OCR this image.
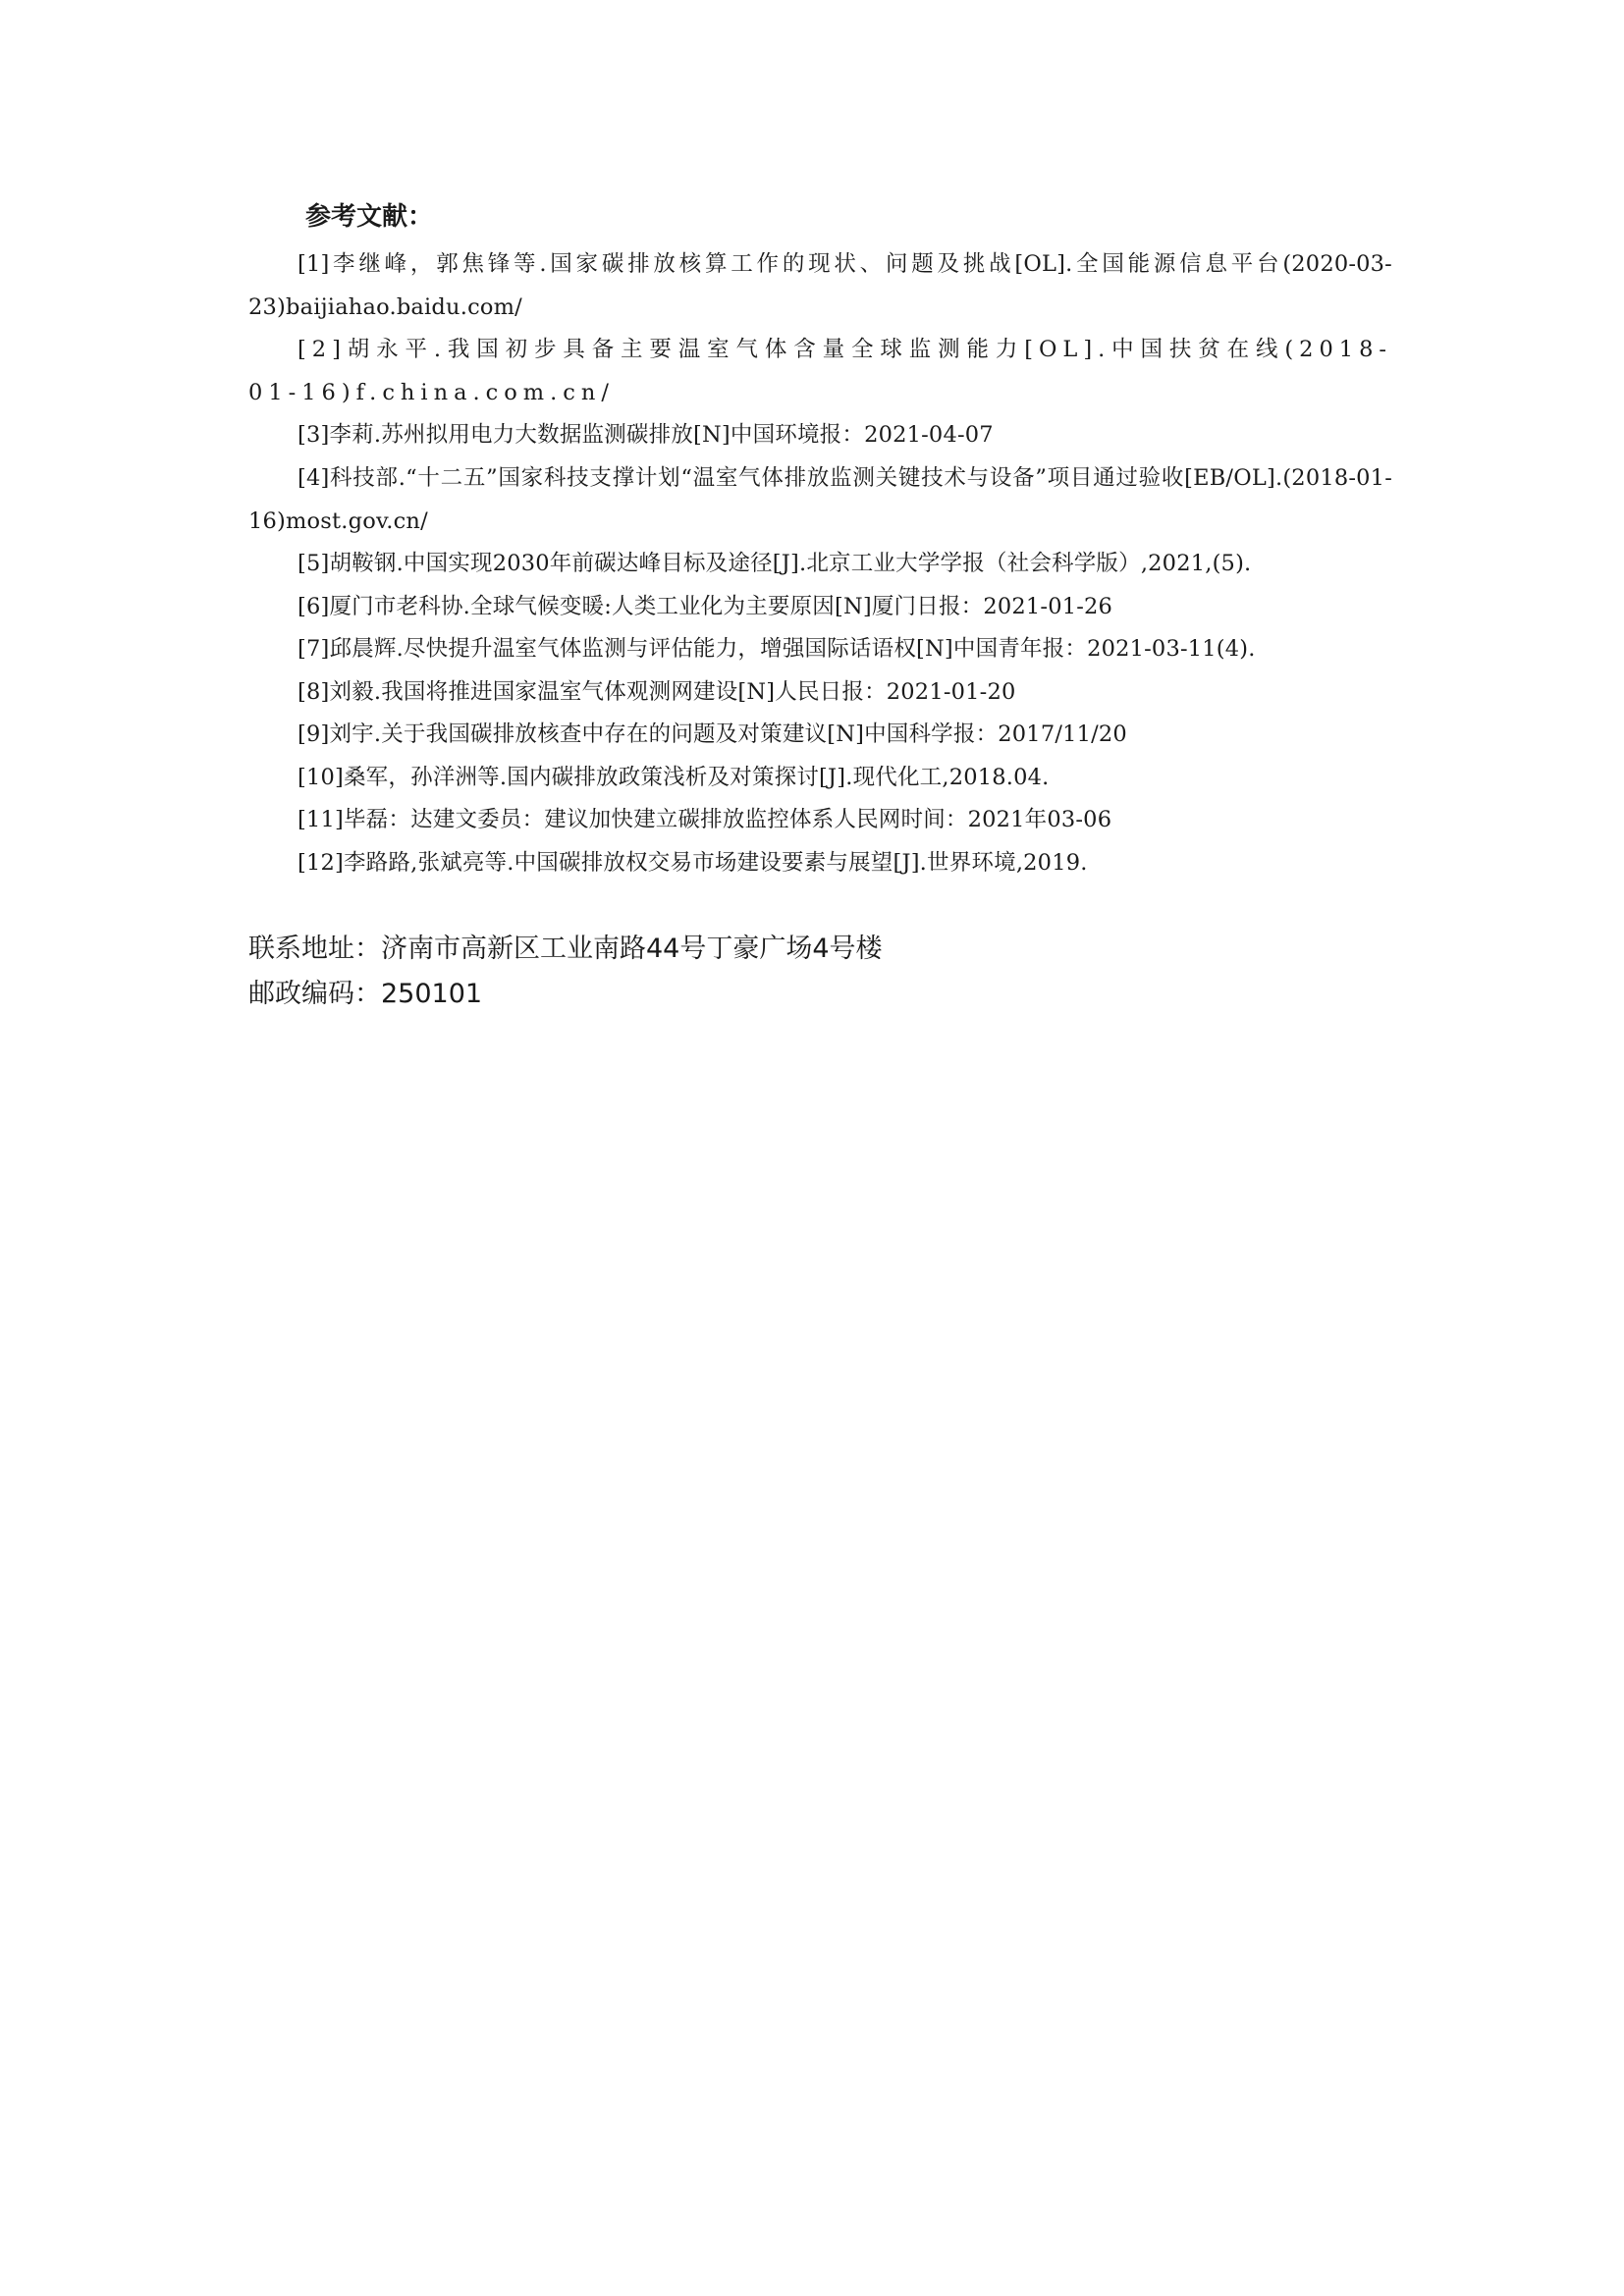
参考文献：

[1]李继峰，郭焦锋等.国家碳排放核算工作的现状、问题及挑战[OL].全国能源信息平台(2020-03-23)baijiahao.baidu.com/

[2]胡永平.我国初步具备主要温室气体含量全球监测能力[OL].中国扶贫在线(2018-01-16)f.china.com.cn/

[3]李莉.苏州拟用电力大数据监测碳排放[N]中国环境报：2021-04-07

[4]科技部.“十二五”国家科技支撑计划“温室气体排放监测关键技术与设备”项目通过验收[EB/OL].(2018-01-16)most.gov.cn/

[5]胡鞍钢.中国实现2030年前碳达峰目标及途径[J].北京工业大学学报（社会科学版）,2021,(5).

[6]厦门市老科协.全球气候变暖:人类工业化为主要原因[N]厦门日报：2021-01-26

[7]邱晨辉.尽快提升温室气体监测与评估能力，增强国际话语权[N]中国青年报：2021-03-11(4).

[8]刘毅.我国将推进国家温室气体观测网建设[N]人民日报：2021-01-20

[9]刘宇.关于我国碳排放核查中存在的问题及对策建议[N]中国科学报：2017/11/20

[10]桑军，孙洋洲等.国内碳排放政策浅析及对策探讨[J].现代化工,2018.04.

[11]毕磊：达建文委员：建议加快建立碳排放监控体系人民网时间：2021年03-06

[12]李路路,张斌亮等.中国碳排放权交易市场建设要素与展望[J].世界环境,2019.

联系地址：济南市高新区工业南路44号丁豪广场4号楼

邮政编码：250101
